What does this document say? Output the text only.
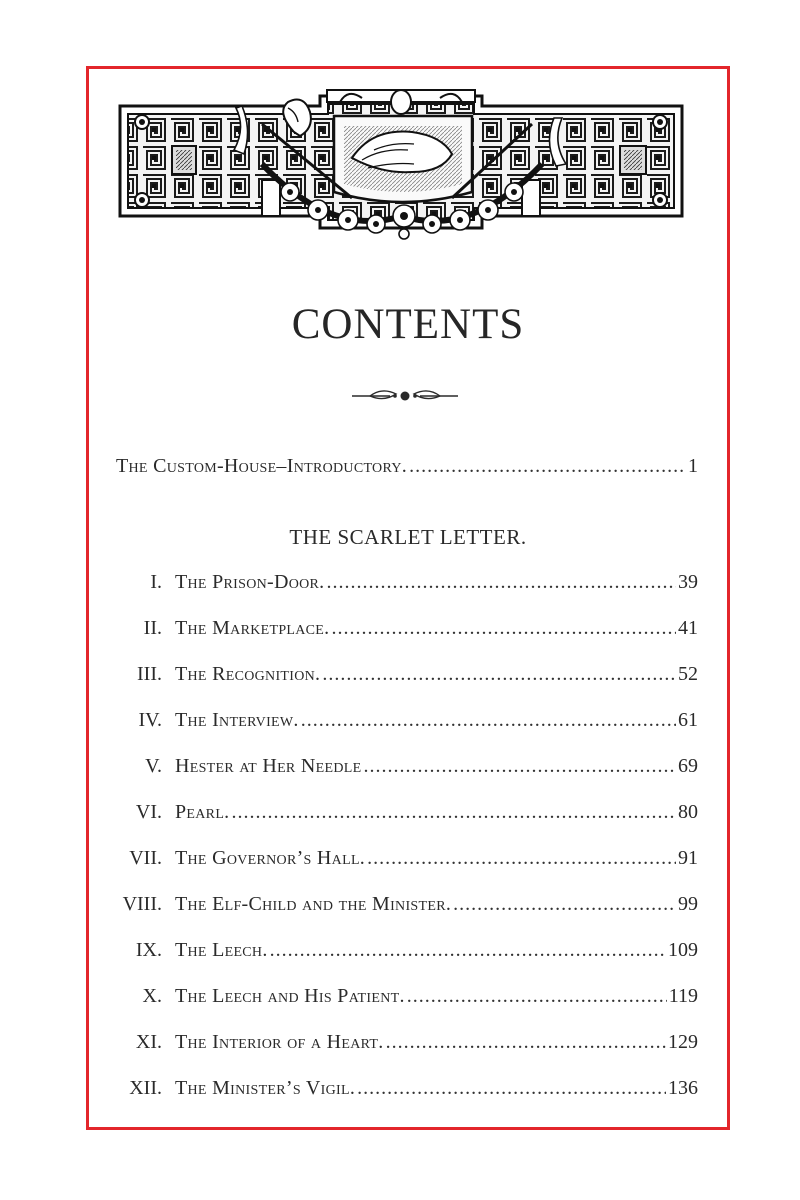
CONTENTS
The Custom-House–Introductory. .....	1
THE SCARLET LETTER.
I. The Prison-Door. .....	39
II. The Marketplace. .....	41
III. The Recognition. .....	52
IV. The Interview. .....	61
V. Hester at Her Needle .....	69
VI. Pearl. .....	80
VII. The Governor’s Hall. .....	91
VIII. The Elf-Child and the Minister. .....	99
IX. The Leech. .....	109
X. The Leech and His Patient. .....	119
XI. The Interior of a Heart. .....	129
XII. The Minister’s Vigil. .....	136
